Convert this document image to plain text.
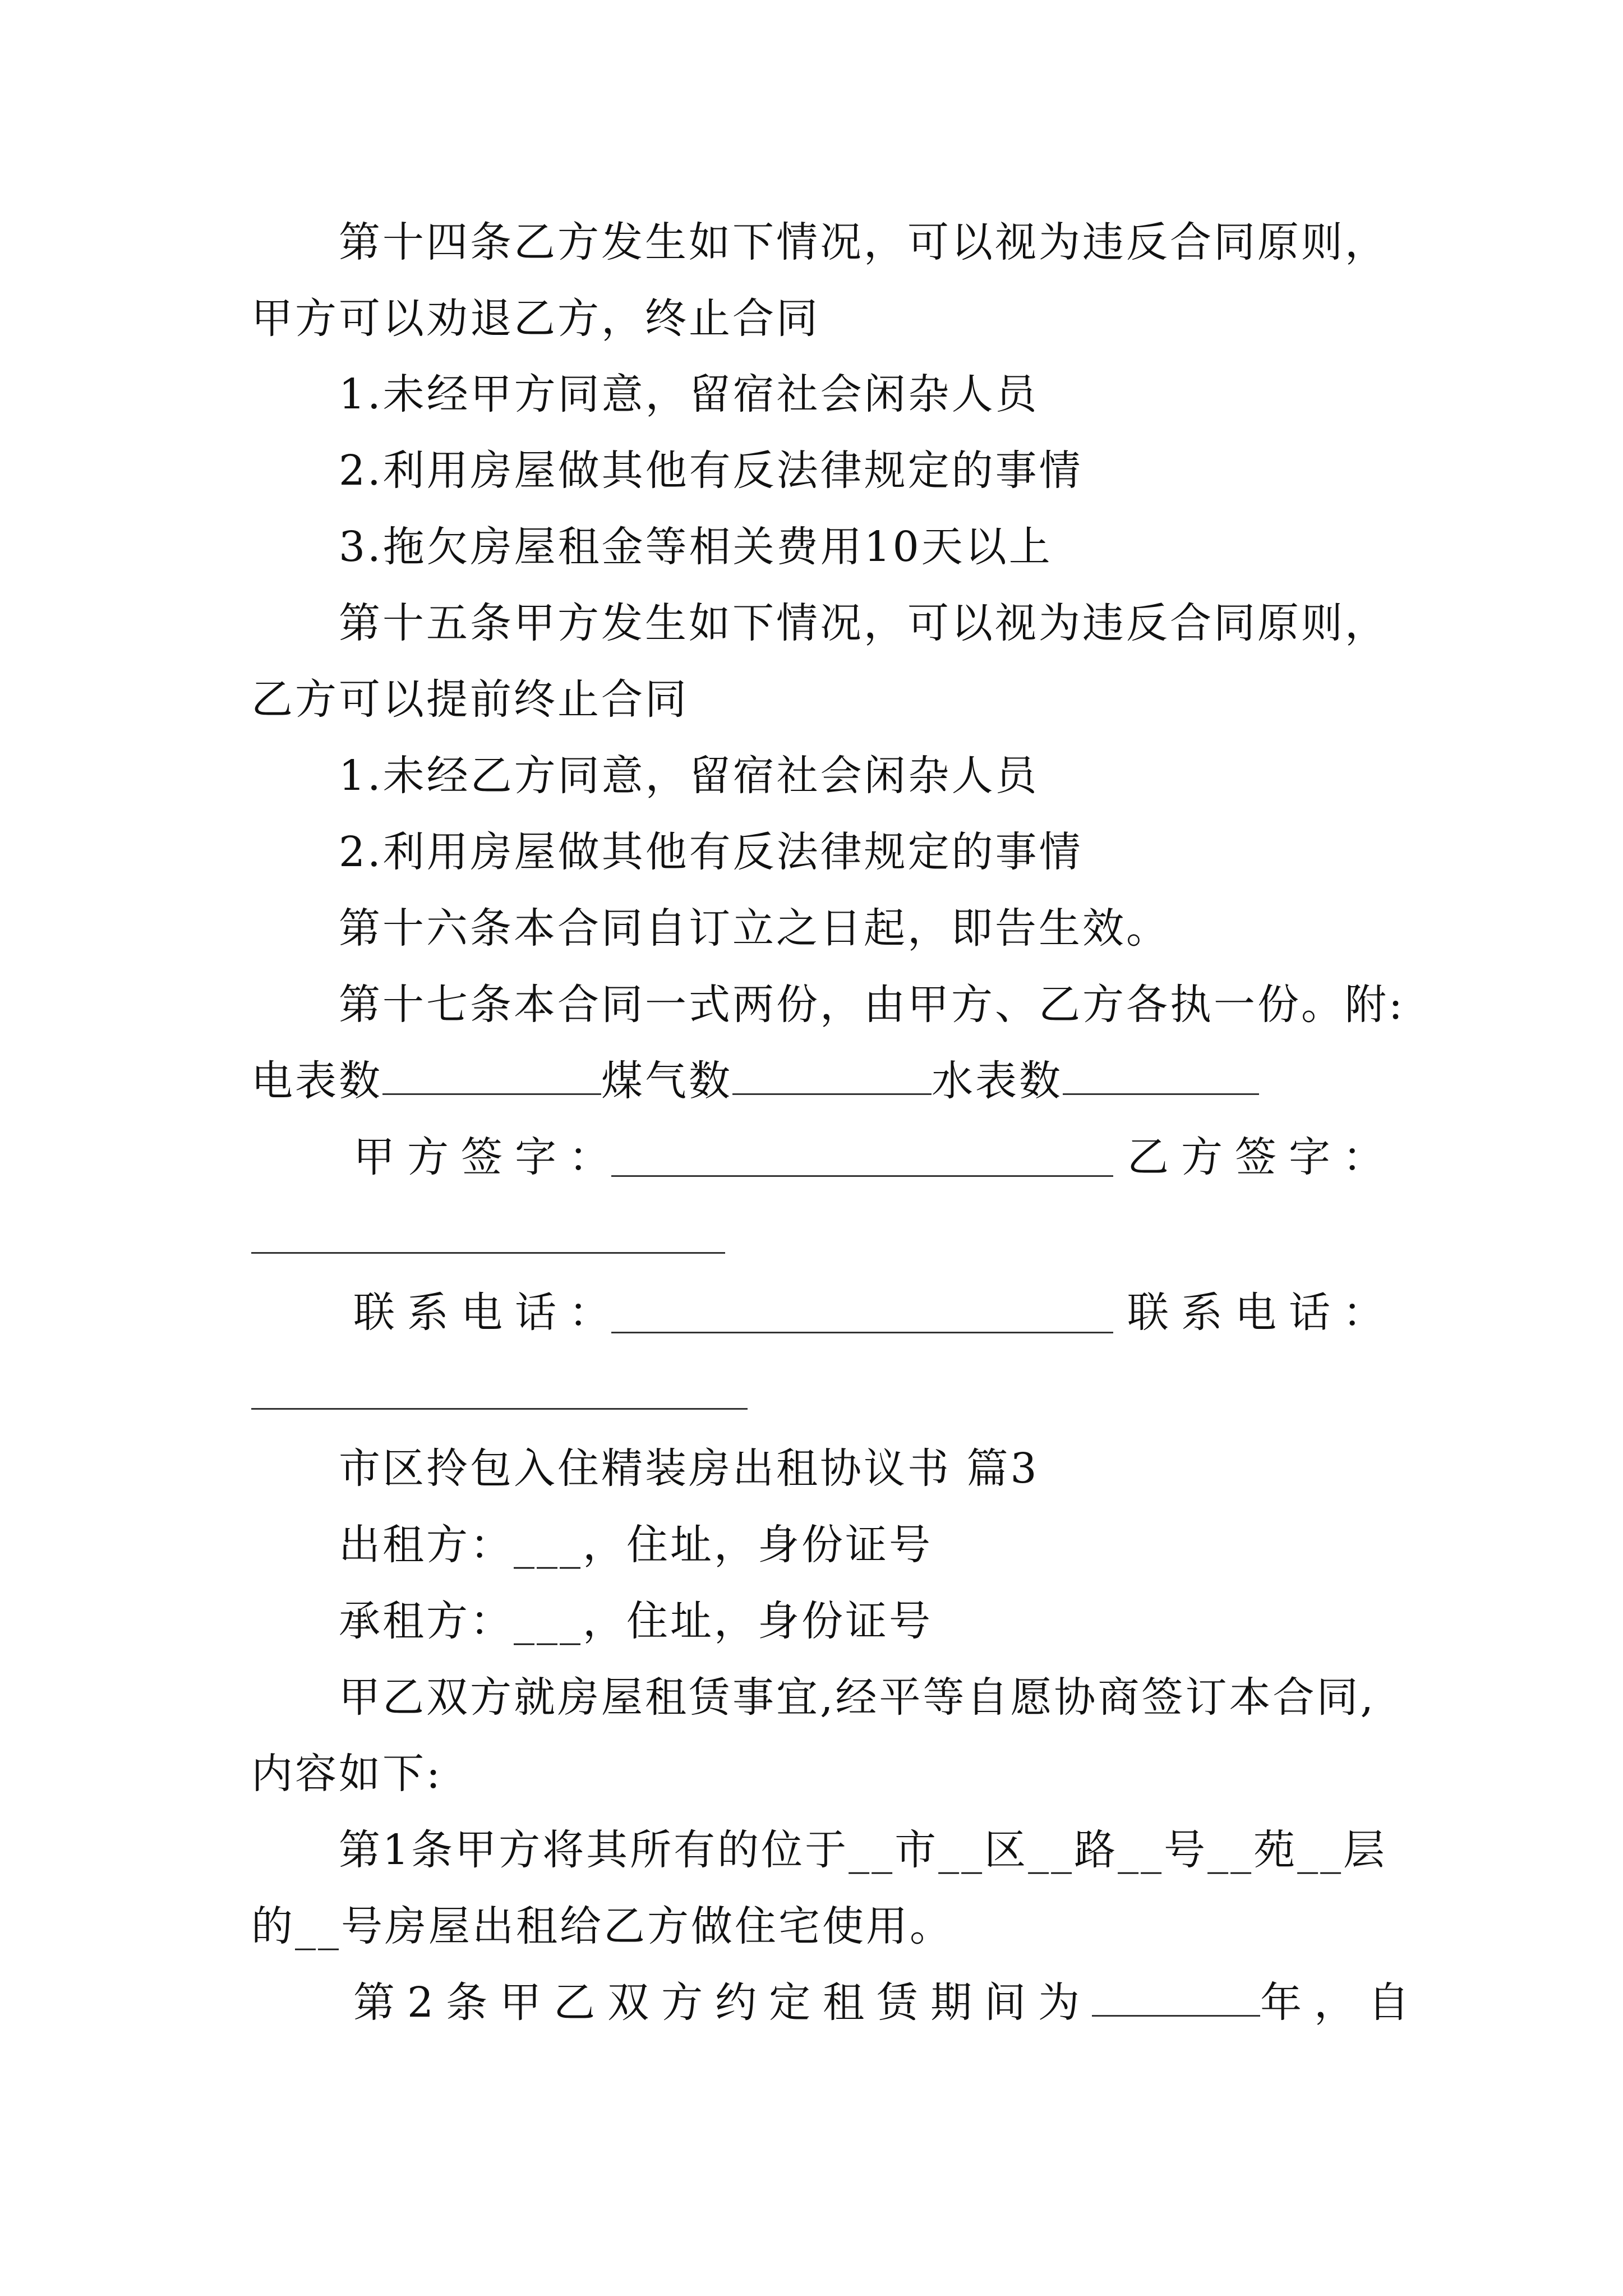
第十四条乙方发生如下情况，可以视为违反合同原则，
甲方可以劝退乙方，终止合同
1.未经甲方同意，留宿社会闲杂人员
2.利用房屋做其他有反法律规定的事情
3.拖欠房屋租金等相关费用10天以上
第十五条甲方发生如下情况，可以视为违反合同原则，
乙方可以提前终止合同
1.未经乙方同意，留宿社会闲杂人员
2.利用房屋做其他有反法律规定的事情
第十六条本合同自订立之日起，即告生效。
第十七条本合同一式两份，由甲方、乙方各执一份。附:
电表数	煤气数	水表数
甲方签字：	乙方签字：
联系电话：	联系电话：
市区拎包入住精装房出租协议书 篇3
出租方：___，住址，身份证号
承租方：___，住址，身份证号
甲乙双方就房屋租赁事宜,经平等自愿协商签订本合同,
内容如下:
第1条甲方将其所有的位于__市__区__路__号__苑__层
的__号房屋出租给乙方做住宅使用。
第2条甲乙双方约定租赁期间为	年，自
